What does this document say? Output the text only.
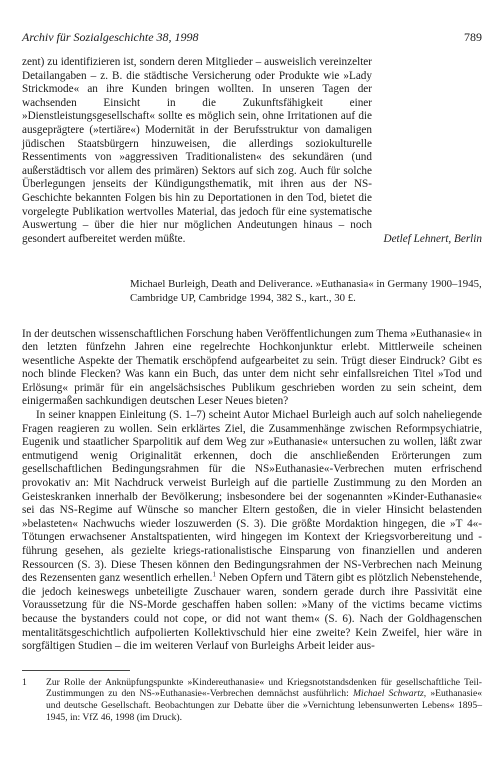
Archiv für Sozialgeschichte 38, 1998	789

zent) zu identifizieren ist, sondern deren Mitglieder – ausweislich vereinzelter Detailangaben – z. B. die städtische Versicherung oder Produkte wie »Lady Strickmode« an ihre Kunden bringen wollten. In unseren Tagen der wachsenden Einsicht in die Zukunftsfähigkeit einer »Dienstleistungsgesellschaft« sollte es möglich sein, ohne Irritationen auf die ausgeprägtere (»tertiäre«) Modernität in der Berufsstruktur von damaligen jüdischen Staatsbürgern hinzuweisen, die allerdings soziokulturelle Ressentiments von »aggressiven Traditionalisten« des sekundären (und außerstädtisch vor allem des primären) Sektors auf sich zog. Auch für solche Überlegungen jenseits der Kündigungsthematik, mit ihren aus der NS-Geschichte bekannten Folgen bis hin zu Deportationen in den Tod, bietet die vorgelegte Publikation wertvolles Material, das jedoch für eine systematische Auswertung – über die hier nur möglichen Andeutungen hinaus – noch gesondert aufbereitet werden müßte.	Detlef Lehnert, Berlin

Michael Burleigh, Death and Deliverance. »Euthanasia« in Germany 1900–1945,
Cambridge UP, Cambridge 1994, 382 S., kart., 30 £.

In der deutschen wissenschaftlichen Forschung haben Veröffentlichungen zum Thema »Euthanasie« in den letzten fünfzehn Jahren eine regelrechte Hochkonjunktur erlebt. Mittlerweile scheinen wesentliche Aspekte der Thematik erschöpfend aufgearbeitet zu sein. Trügt dieser Eindruck? Gibt es noch blinde Flecken? Was kann ein Buch, das unter dem nicht sehr einfallsreichen Titel »Tod und Erlösung« primär für ein angelsächsisches Publikum geschrieben worden zu sein scheint, dem einigermaßen sachkundigen deutschen Leser Neues bieten?

In seiner knappen Einleitung (S. 1–7) scheint Autor Michael Burleigh auch auf solch naheliegende Fragen reagieren zu wollen. Sein erklärtes Ziel, die Zusammenhänge zwischen Reformpsychiatrie, Eugenik und staatlicher Sparpolitik auf dem Weg zur »Euthanasie« untersuchen zu wollen, läßt zwar entmutigend wenig Originalität erkennen, doch die anschließenden Erörterungen zum gesellschaftlichen Bedingungsrahmen für die NS»Euthanasie«-Verbrechen muten erfrischend provokativ an: Mit Nachdruck verweist Burleigh auf die partielle Zustimmung zu den Morden an Geisteskranken innerhalb der Bevölkerung; insbesondere bei der sogenannten »Kinder-Euthanasie« sei das NS-Regime auf Wünsche so mancher Eltern gestoßen, die in vieler Hinsicht belastenden »belasteten« Nachwuchs wieder loszuwerden (S. 3). Die größte Mordaktion hingegen, die »T 4«-Tötungen erwachsener Anstaltspatienten, wird hingegen im Kontext der Kriegsvorbereitung und -führung gesehen, als gezielte kriegs-rationalistische Einsparung von finanziellen und anderen Ressourcen (S. 3). Diese Thesen können den Bedingungsrahmen der NS-Verbrechen nach Meinung des Rezensenten ganz wesentlich erhellen.$^1$ Neben Opfern und Tätern gibt es plötzlich Nebenstehende, die jedoch keineswegs unbeteiligte Zuschauer waren, sondern gerade durch ihre Passivität eine Voraussetzung für die NS-Morde geschaffen haben sollen: »Many of the victims became victims because the bystanders could not cope, or did not want them« (S. 6). Nach der Goldhagenschen mentalitätsgeschichtlich aufpolierten Kollektivschuld hier eine zweite? Kein Zweifel, hier wäre in sorgfältigen Studien – die im weiteren Verlauf von Burleighs Arbeit leider aus-

1	Zur Rolle der Anknüpfungspunkte »Kindereuthanasie« und Kriegsnotstandsdenken für gesellschaftliche Teil-Zustimmungen zu den NS-»Euthanasie«-Verbrechen demnächst ausführlich: Michael Schwartz, »Euthanasie« und deutsche Gesellschaft. Beobachtungen zur Debatte über die »Vernichtung lebensunwerten Lebens« 1895–1945, in: VfZ 46, 1998 (im Druck).
